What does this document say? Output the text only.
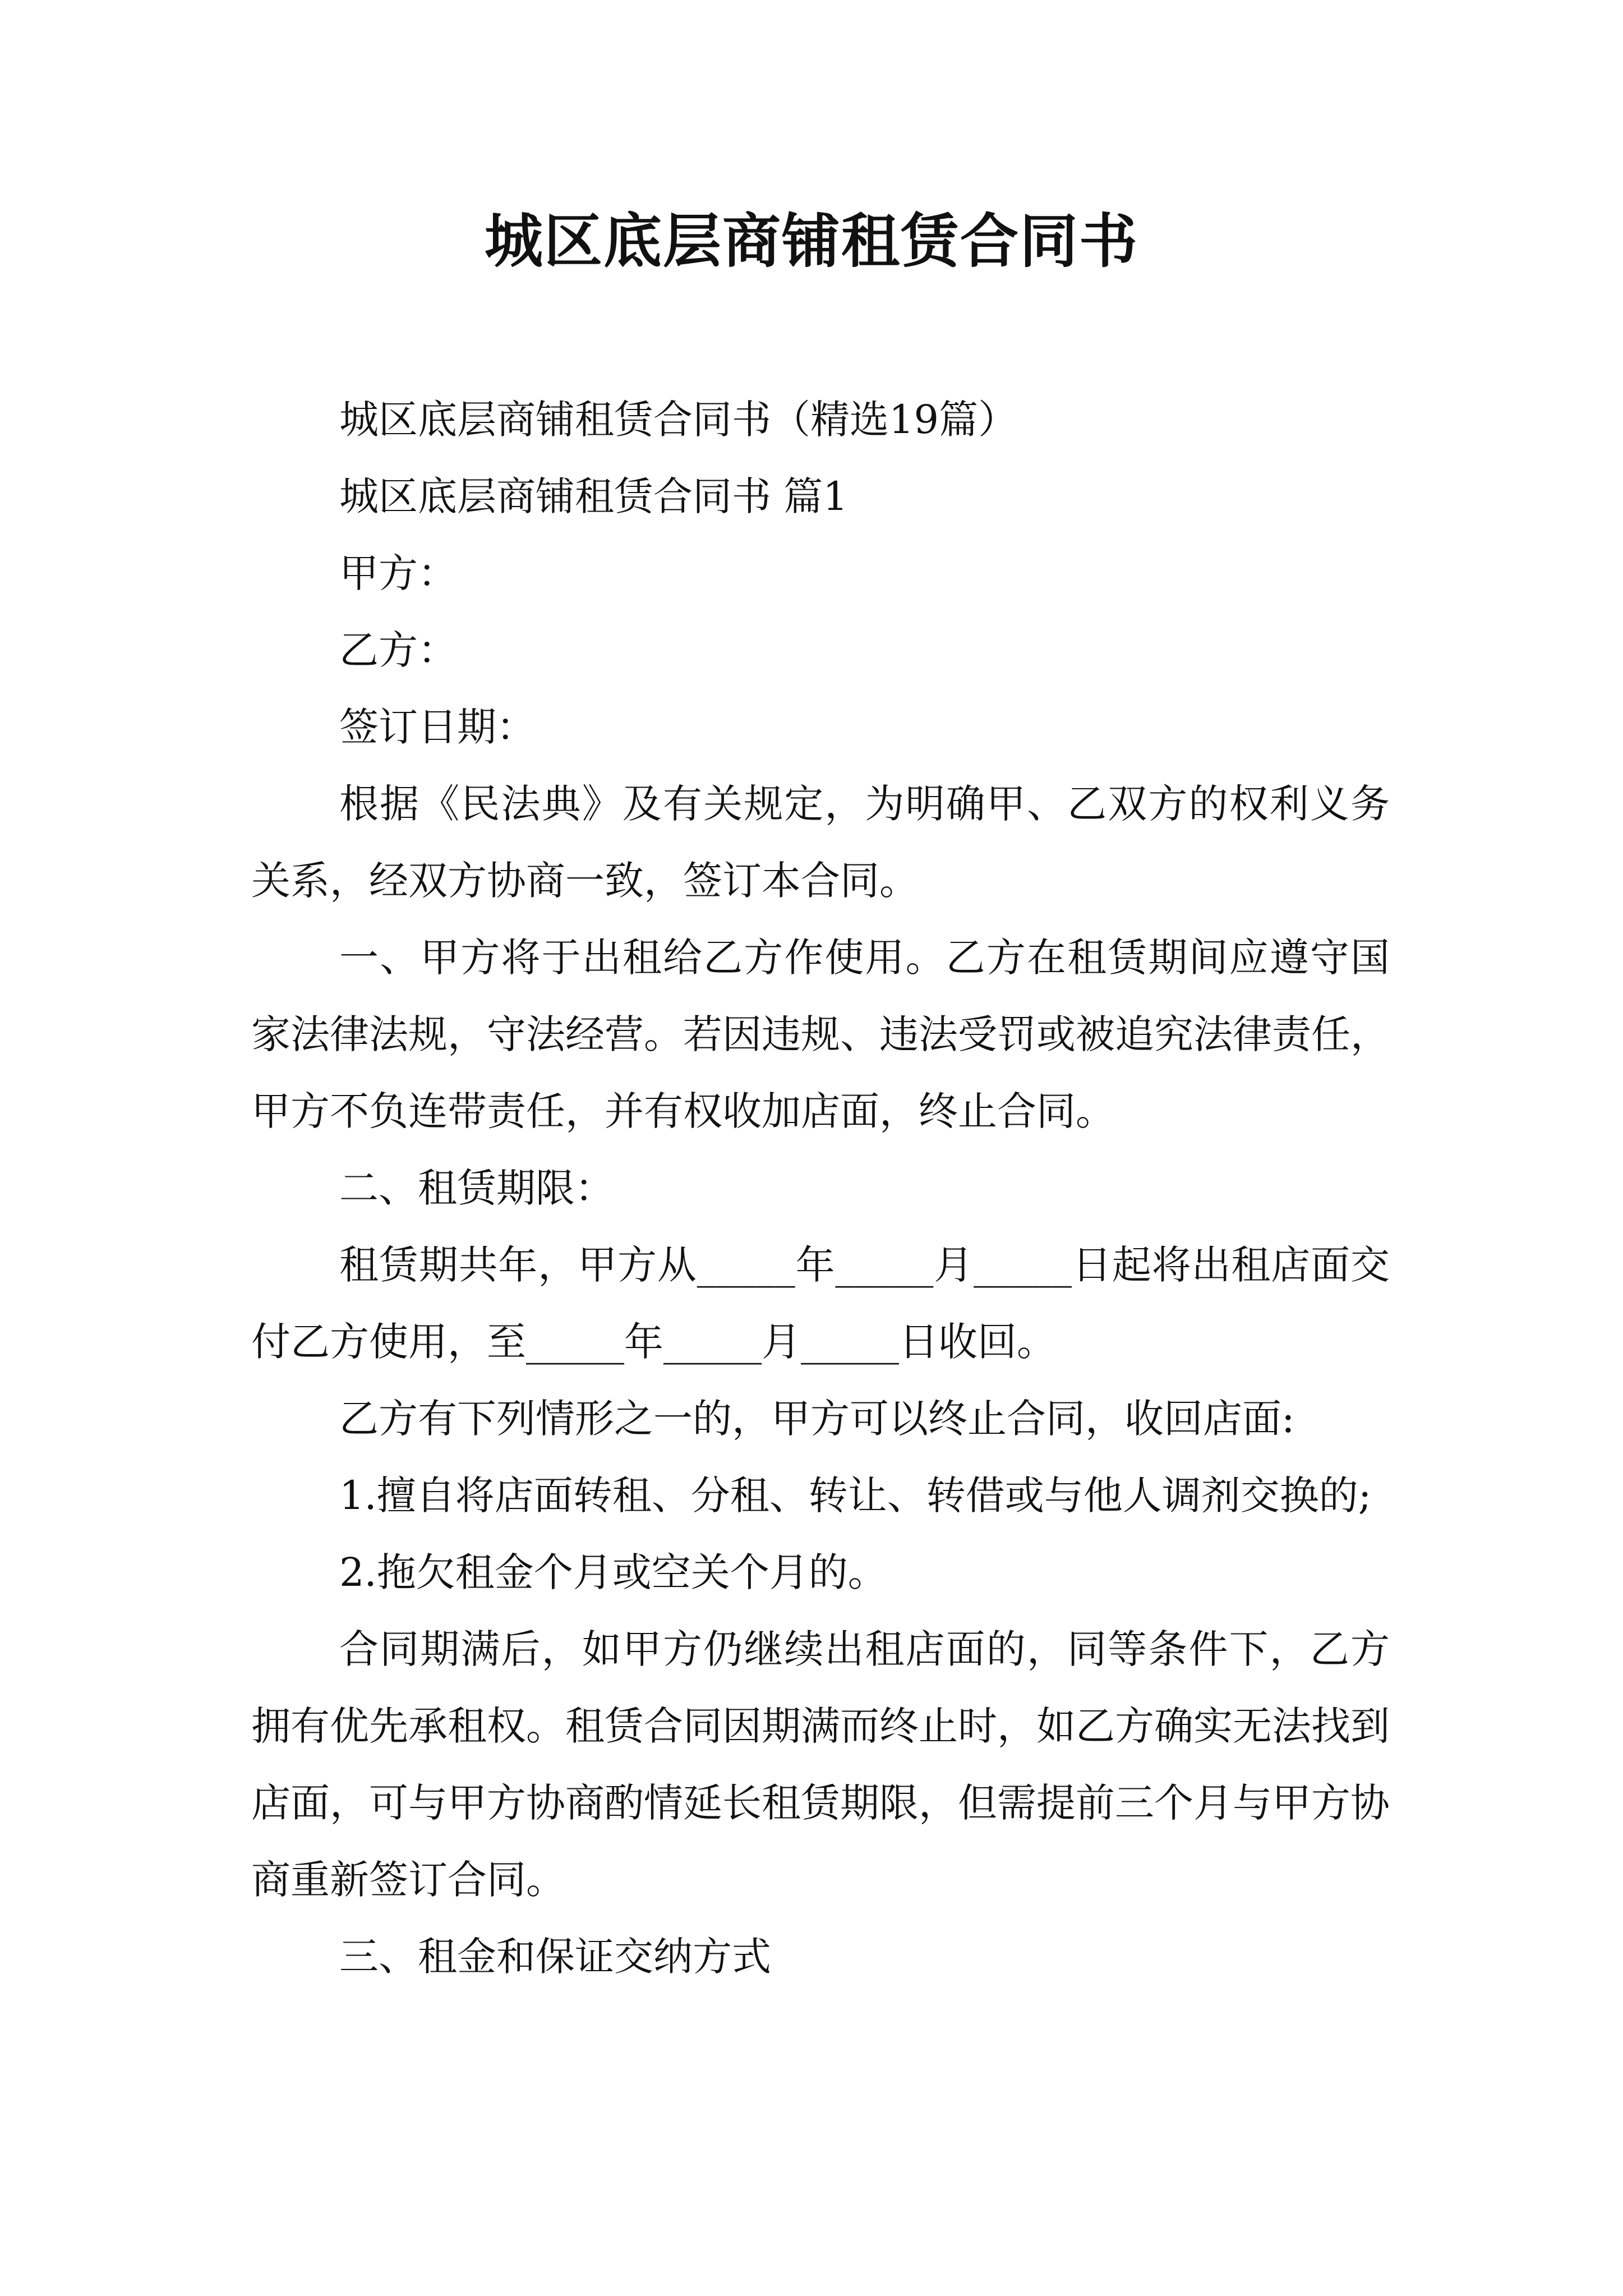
城区底层商铺租赁合同书

城区底层商铺租赁合同书（精选19篇）

城区底层商铺租赁合同书 篇1

甲方：

乙方：

签订日期：

根据《民法典》及有关规定，为明确甲、乙双方的权利义务关系，经双方协商一致，签订本合同。

一、甲方将于出租给乙方作使用。乙方在租赁期间应遵守国家法律法规，守法经营。若因违规、违法受罚或被追究法律责任，甲方不负连带责任，并有权收加店面，终止合同。

二、租赁期限：

租赁期共年，甲方从_____年_____月_____日起将出租店面交付乙方使用，至_____年_____月_____日收回。

乙方有下列情形之一的，甲方可以终止合同，收回店面:

1.擅自将店面转租、分租、转让、转借或与他人调剂交换的;

2.拖欠租金个月或空关个月的。

合同期满后，如甲方仍继续出租店面的，同等条件下，乙方拥有优先承租权。租赁合同因期满而终止时，如乙方确实无法找到店面，可与甲方协商酌情延长租赁期限，但需提前三个月与甲方协商重新签订合同。

三、租金和保证交纳方式
